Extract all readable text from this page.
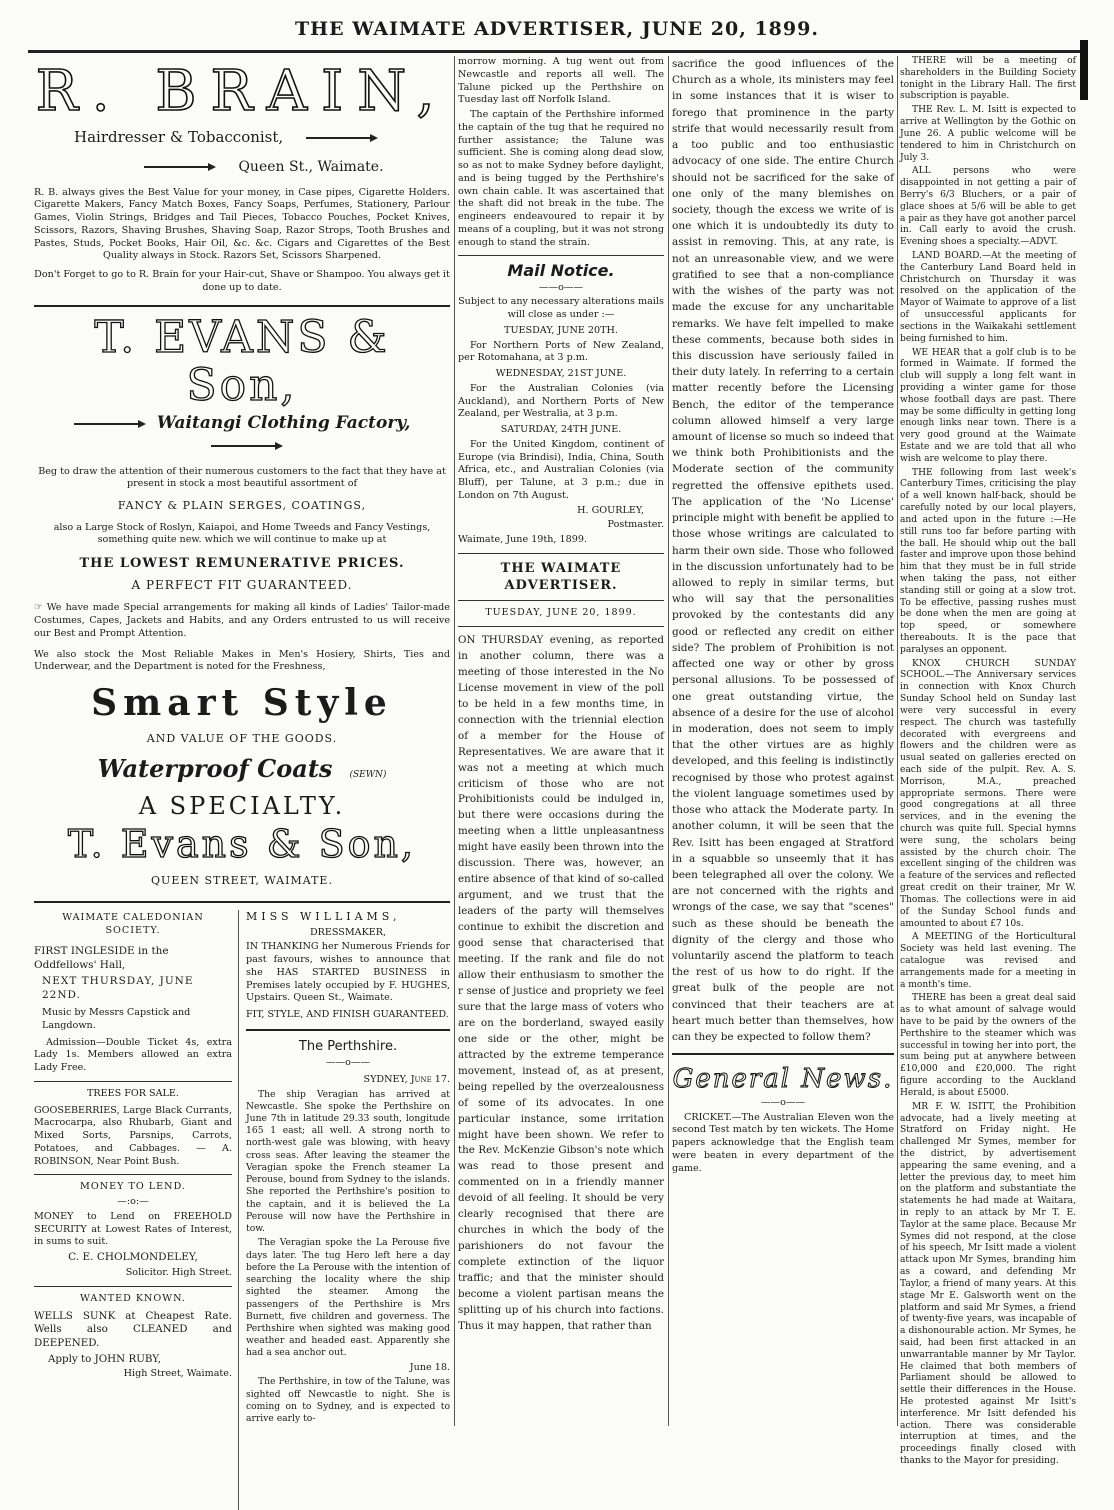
THE WAIMATE ADVERTISER, JUNE 20, 1899.
R. BRAIN,
Hairdresser & Tobacconist,
Queen St., Waimate.

R. B. always gives the Best Value for your money, in Case pipes, Cigarette Holders. Cigarette Makers, Fancy Match Boxes, Fancy Soaps, Perfumes, Stationery, Parlour Games, Violin Strings, Bridges and Tail Pieces, Tobacco Pouches, Pocket Knives, Scissors, Razors, Shaving Brushes, Shaving Soap, Razor Strops, Tooth Brushes and Pastes, Studs, Pocket Books, Hair Oil, &c. &c. Cigars and Cigarettes of the Best Quality always in Stock. Razors Set, Scissors Sharpened.

Don't Forget to go to R. Brain for your Hair-cut, Shave or Shampoo. You always get it done up to date.

T. EVANS & Son,
Waitangi Clothing Factory,

Beg to draw the attention of their numerous customers to the fact that they have at present in stock a most beautiful assortment of

FANCY & PLAIN SERGES, COATINGS,

also a Large Stock of Roslyn, Kaiapoi, and Home Tweeds and Fancy Vestings, something quite new. which we will continue to make up at

THE LOWEST REMUNERATIVE PRICES.

A PERFECT FIT GUARANTEED.

☞ We have made Special arrangements for making all kinds of Ladies' Tailor-made Costumes, Capes, Jackets and Habits, and any Orders entrusted to us will receive our Best and Prompt Attention.

We also stock the Most Reliable Makes in Men's Hosiery, Shirts, Ties and Underwear, and the Department is noted for the Freshness,

Smart Style

AND VALUE OF THE GOODS.

Waterproof Coats (SEWN)
A SPECIALTY.
T. Evans & Son,

QUEEN STREET, WAIMATE.

WAIMATE CALEDONIAN SOCIETY.

FIRST INGLESIDE in the Oddfellows' Hall,

NEXT THURSDAY, JUNE 22ND.

Music by Messrs Capstick and Langdown.

Admission—Double Ticket 4s, extra Lady 1s. Members allowed an extra Lady Free.

TREES FOR SALE.

GOOSEBERRIES, Large Black Currants, Macrocarpa, also Rhubarb, Giant and Mixed Sorts, Parsnips, Carrots, Potatoes, and Cabbages. — A. ROBINSON, Near Point Bush.

MONEY TO LEND.

—:o:—

MONEY to Lend on FREEHOLD SECURITY at Lowest Rates of Interest, in sums to suit.

C. E. CHOLMONDELEY,

Solicitor. High Street.

WANTED KNOWN.

WELLS SUNK at Cheapest Rate. Wells also CLEANED and DEEPENED.

Apply to JOHN RUBY,

High Street, Waimate.

MISS WILLIAMS,

DRESSMAKER,

IN THANKING her Numerous Friends for past favours, wishes to announce that she HAS STARTED BUSINESS in Premises lately occupied by F. HUGHES, Upstairs. Queen St., Waimate.

FIT, STYLE, AND FINISH GUARANTEED.

The Perthshire.

——o——

SYDNEY, June 17.

The ship Veragian has arrived at Newcastle. She spoke the Perthshire on June 7th in latitude 29.33 south, longitude 165 1 east; all well. A strong north to north-west gale was blowing, with heavy cross seas. After leaving the steamer the Veragian spoke the French steamer La Perouse, bound from Sydney to the islands. She reported the Perthshire's position to the captain, and it is believed the La Perouse will now have the Perthshire in tow.

The Veragian spoke the La Perouse five days later. The tug Hero left here a day before the La Perouse with the intention of searching the locality where the ship sighted the steamer. Among the passengers of the Perthshire is Mrs Burnett, five children and governess. The Perthshire when sighted was making good weather and headed east. Apparently she had a sea anchor out.

June 18.

The Perthshire, in tow of the Talune, was sighted off Newcastle to night. She is coming on to Sydney, and is expected to arrive early to-

morrow morning. A tug went out from Newcastle and reports all well. The Talune picked up the Perthshire on Tuesday last off Norfolk Island.

The captain of the Perthshire informed the captain of the tug that he required no further assistance; the Talune was sufficient. She is coming along dead slow, so as not to make Sydney before daylight, and is being tugged by the Perthshire's own chain cable. It was ascertained that the shaft did not break in the tube. The engineers endeavoured to repair it by means of a coupling, but it was not strong enough to stand the strain.

Mail Notice.

——o——

Subject to any necessary alterations mails will close as under :—

TUESDAY, JUNE 20TH.

For Northern Ports of New Zealand, per Rotomahana, at 3 p.m.

WEDNESDAY, 21ST JUNE.

For the Australian Colonies (via Auckland), and Northern Ports of New Zealand, per Westralia, at 3 p.m.

SATURDAY, 24TH JUNE.

For the United Kingdom, continent of Europe (via Brindisi), India, China, South Africa, etc., and Australian Colonies (via Bluff), per Talune, at 3 p.m.; due in London on 7th August.

H. GOURLEY,

Postmaster.

Waimate, June 19th, 1899.

THE WAIMATE ADVERTISER.

TUESDAY, JUNE 20, 1899.

ON THURSDAY evening, as reported in another column, there was a meeting of those interested in the No License movement in view of the poll to be held in a few months time, in connection with the triennial election of a member for the House of Representatives. We are aware that it was not a meeting at which much criticism of those who are not Prohibitionists could be indulged in, but there were occasions during the meeting when a little unpleasantness might have easily been thrown into the discussion. There was, however, an entire absence of that kind of so-called argument, and we trust that the leaders of the party will themselves continue to exhibit the discretion and good sense that characterised that meeting. If the rank and file do not allow their enthusiasm to smother the r sense of justice and propriety we feel sure that the large mass of voters who are on the borderland, swayed easily one side or the other, might be attracted by the extreme temperance movement, instead of, as at present, being repelled by the overzealousness of some of its advocates. In one particular instance, some irritation might have been shown. We refer to the Rev. McKenzie Gibson's note which was read to those present and commented on in a friendly manner devoid of all feeling. It should be very clearly recognised that there are churches in which the body of the parishioners do not favour the complete extinction of the liquor traffic; and that the minister should become a violent partisan means the splitting up of his church into factions. Thus it may happen, that rather than

sacrifice the good influences of the Church as a whole, its ministers may feel in some instances that it is wiser to forego that prominence in the party strife that would necessarily result from a too public and too enthusiastic advocacy of one side. The entire Church should not be sacrificed for the sake of one only of the many blemishes on society, though the excess we write of is one which it is undoubtedly its duty to assist in removing. This, at any rate, is not an unreasonable view, and we were gratified to see that a non-compliance with the wishes of the party was not made the excuse for any uncharitable remarks. We have felt impelled to make these comments, because both sides in this discussion have seriously failed in their duty lately. In referring to a certain matter recently before the Licensing Bench, the editor of the temperance column allowed himself a very large amount of license so much so indeed that we think both Prohibitionists and the Moderate section of the community regretted the offensive epithets used. The application of the 'No License' principle might with benefit be applied to those whose writings are calculated to harm their own side. Those who followed in the discussion unfortunately had to be allowed to reply in similar terms, but who will say that the personalities provoked by the contestants did any good or reflected any credit on either side? The problem of Prohibition is not affected one way or other by gross personal allusions. To be possessed of one great outstanding virtue, the absence of a desire for the use of alcohol in moderation, does not seem to imply that the other virtues are as highly developed, and this feeling is indistinctly recognised by those who protest against the violent language sometimes used by those who attack the Moderate party. In another column, it will be seen that the Rev. Isitt has been engaged at Stratford in a squabble so unseemly that it has been telegraphed all over the colony. We are not concerned with the rights and wrongs of the case, we say that "scenes" such as these should be beneath the dignity of the clergy and those who voluntarily ascend the platform to teach the rest of us how to do right. If the great bulk of the people are not convinced that their teachers are at heart much better than themselves, how can they be expected to follow them?

General News.

——o——

CRICKET.—The Australian Eleven won the second Test match by ten wickets. The Home papers acknowledge that the English team were beaten in every department of the game.

THERE will be a meeting of shareholders in the Building Society tonight in the Library Hall. The first subscription is payable.

THE Rev. L. M. Isitt is expected to arrive at Wellington by the Gothic on June 26. A public welcome will be tendered to him in Christchurch on July 3.

ALL persons who were disappointed in not getting a pair of Berry's 6/3 Bluchers, or a pair of glace shoes at 5/6 will be able to get a pair as they have got another parcel in. Call early to avoid the crush. Evening shoes a specialty.—ADVT.

LAND BOARD.—At the meeting of the Canterbury Land Board held in Christchurch on Thursday it was resolved on the application of the Mayor of Waimate to approve of a list of unsuccessful applicants for sections in the Waikakahi settlement being furnished to him.

WE HEAR that a golf club is to be formed in Waimate. If formed the club will supply a long felt want in providing a winter game for those whose football days are past. There may be some difficulty in getting long enough links near town. There is a very good ground at the Waimate Estate and we are told that all who wish are welcome to play there.

THE following from last week's Canterbury Times, criticising the play of a well known half-back, should be carefully noted by our local players, and acted upon in the future :—He still runs too far before parting with the ball. He should whip out the ball faster and improve upon those behind him that they must be in full stride when taking the pass, not either standing still or going at a slow trot. To be effective, passing rushes must be done when the men are going at top speed, or somewhere thereabouts. It is the pace that paralyses an opponent.

KNOX CHURCH SUNDAY SCHOOL.—The Anniversary services in connection with Knox Church Sunday School held on Sunday last were very successful in every respect. The church was tastefully decorated with evergreens and flowers and the children were as usual seated on galleries erected on each side of the pulpit. Rev. A. S. Morrison, M.A., preached appropriate sermons. There were good congregations at all three services, and in the evening the church was quite full. Special hymns were sung, the scholars being assisted by the church choir. The excellent singing of the children was a feature of the services and reflected great credit on their trainer, Mr W. Thomas. The collections were in aid of the Sunday School funds and amounted to about £7 10s.

A MEETING of the Horticultural Society was held last evening. The catalogue was revised and arrangements made for a meeting in a month's time.

THERE has been a great deal said as to what amount of salvage would have to be paid by the owners of the Perthshire to the steamer which was successful in towing her into port, the sum being put at anywhere between £10,000 and £20,000. The right figure according to the Auckland Herald, is about £5000.

MR F. W. ISITT, the Prohibition advocate, had a lively meeting at Stratford on Friday night. He challenged Mr Symes, member for the district, by advertisement appearing the same evening, and a letter the previous day, to meet him on the platform and substantiate the statements he had made at Waitara, in reply to an attack by Mr T. E. Taylor at the same place. Because Mr Symes did not respond, at the close of his speech, Mr Isitt made a violent attack upon Mr Symes, branding him as a coward, and defending Mr Taylor, a friend of many years. At this stage Mr E. Galsworth went on the platform and said Mr Symes, a friend of twenty-five years, was incapable of a dishonourable action. Mr Symes, he said, had been first attacked in an unwarrantable manner by Mr Taylor. He claimed that both members of Parliament should be allowed to settle their differences in the House. He protested against Mr Isitt's interference. Mr Isitt defended his action. There was considerable interruption at times, and the proceedings finally closed with thanks to the Mayor for presiding.
